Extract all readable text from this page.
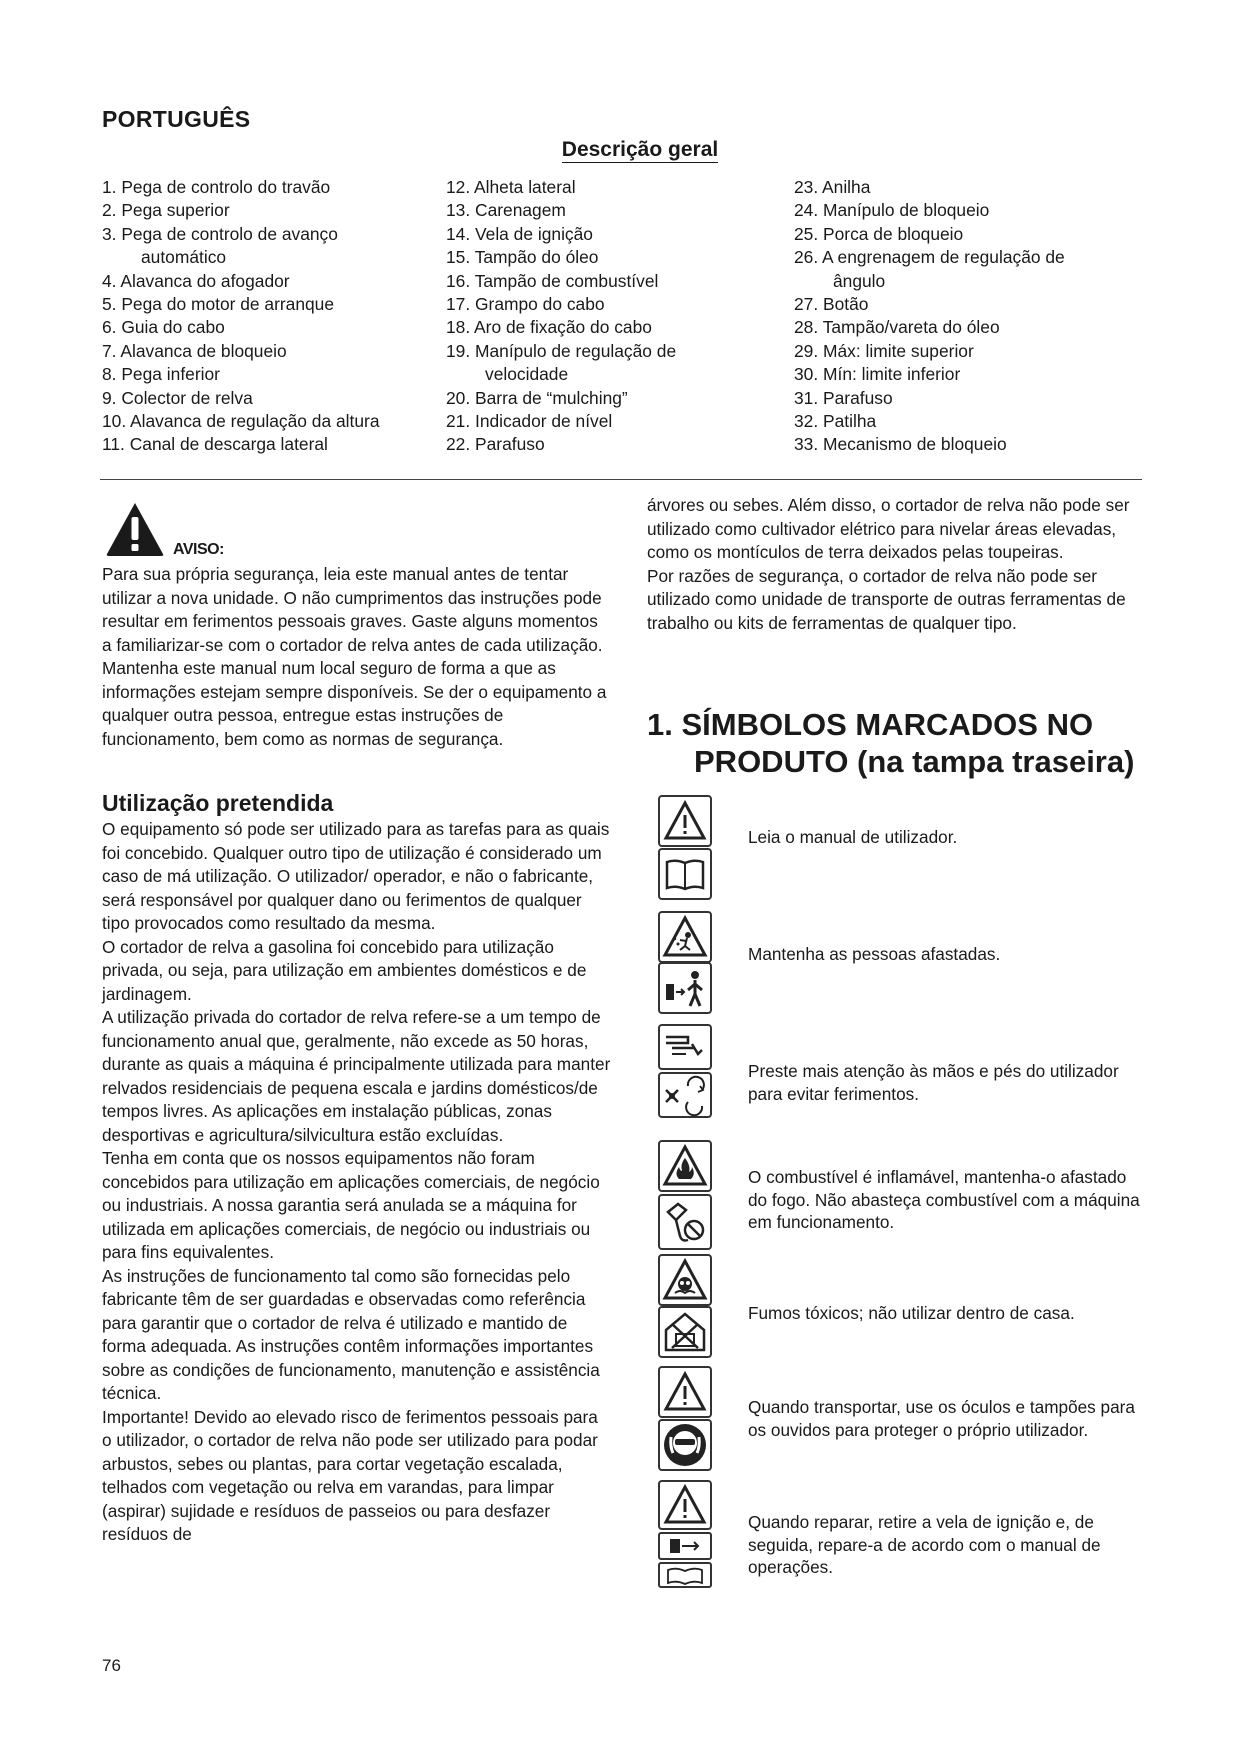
PORTUGUÊS
Descrição geral
1. Pega de controlo do travão
2. Pega superior
3. Pega de controlo de avanço
automático
4. Alavanca do afogador
5. Pega do motor de arranque
6. Guia do cabo
7. Alavanca de bloqueio
8. Pega inferior
9. Colector de relva
10. Alavanca de regulação da altura
11. Canal de descarga lateral
12. Alheta lateral
13. Carenagem
14. Vela de ignição
15. Tampão do óleo
16. Tampão de combustível
17. Grampo do cabo
18. Aro de fixação do cabo
19. Manípulo de regulação de
velocidade
20. Barra de “mulching”
21. Indicador de nível
22. Parafuso
23. Anilha
24. Manípulo de bloqueio
25. Porca de bloqueio
26. A engrenagem de regulação de
ângulo
27. Botão
28. Tampão/vareta do óleo
29. Máx: limite superior
30. Mín: limite inferior
31. Parafuso
32. Patilha
33. Mecanismo de bloqueio
AVISO:

Para sua própria segurança, leia este manual antes de tentar utilizar a nova unidade. O não cumprimentos das instruções pode resultar em ferimentos pessoais graves. Gaste alguns momentos a familiarizar-se com o cortador de relva antes de cada utilização. Mantenha este manual num local seguro de forma a que as informações estejam sempre disponíveis. Se der o equipamento a qualquer outra pessoa, entregue estas instruções de funcionamento, bem como as normas de segurança.

Utilização pretendida

O equipamento só pode ser utilizado para as tarefas para as quais foi concebido. Qualquer outro tipo de utilização é considerado um caso de má utilização. O utilizador/ operador, e não o fabricante, será responsável por qualquer dano ou ferimentos de qualquer tipo provocados como resultado da mesma.

O cortador de relva a gasolina foi concebido para utilização privada, ou seja, para utilização em ambientes domésticos e de jardinagem.

A utilização privada do cortador de relva refere-se a um tempo de funcionamento anual que, geralmente, não excede as 50 horas, durante as quais a máquina é principalmente utilizada para manter relvados residenciais de pequena escala e jardins domésticos/de tempos livres. As aplicações em instalação públicas, zonas desportivas e agricultura/silvicultura estão excluídas.

Tenha em conta que os nossos equipamentos não foram concebidos para utilização em aplicações comerciais, de negócio ou industriais. A nossa garantia será anulada se a máquina for utilizada em aplicações comerciais, de negócio ou industriais ou para fins equivalentes.

As instruções de funcionamento tal como são fornecidas pelo fabricante têm de ser guardadas e observadas como referência para garantir que o cortador de relva é utilizado e mantido de forma adequada. As instruções contêm informações importantes sobre as condições de funcionamento, manutenção e assistência técnica.

Importante! Devido ao elevado risco de ferimentos pessoais para o utilizador, o cortador de relva não pode ser utilizado para podar arbustos, sebes ou plantas, para cortar vegetação escalada, telhados com vegetação ou relva em varandas, para limpar (aspirar) sujidade e resíduos de passeios ou para desfazer resíduos de

árvores ou sebes. Além disso, o cortador de relva não pode ser utilizado como cultivador elétrico para nivelar áreas elevadas, como os montículos de terra deixados pelas toupeiras.

Por razões de segurança, o cortador de relva não pode ser utilizado como unidade de transporte de outras ferramentas de trabalho ou kits de ferramentas de qualquer tipo.

1. SÍMBOLOS MARCADOS NO
PRODUTO (na tampa traseira)
Leia o manual de utilizador.
Mantenha as pessoas afastadas.
Preste mais atenção às mãos e pés do utilizador para evitar ferimentos.
O combustível é inflamável, mantenha-o afastado do fogo. Não abasteça combustível com a máquina em funcionamento.
Fumos tóxicos; não utilizar dentro de casa.
Quando transportar, use os óculos e tampões para os ouvidos para proteger o próprio utilizador.
Quando reparar, retire a vela de ignição e, de seguida, repare-a de acordo com o manual de operações.
76
